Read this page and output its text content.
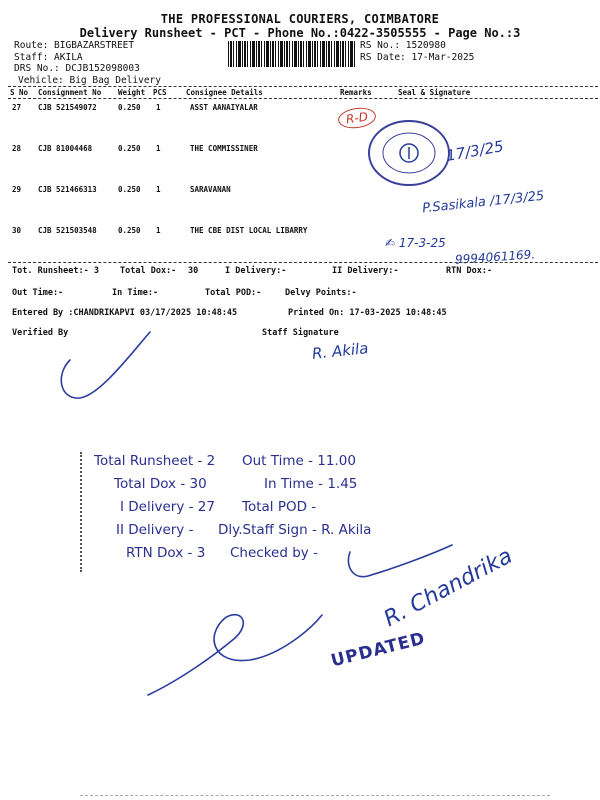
THE PROFESSIONAL COURIERS, COIMBATORE
Delivery Runsheet - PCT - Phone No.:0422-3505555 - Page No.:3
Route: BIGBAZARSTREET
Staff: AKILA
DRS No.: DCJB152098003
Vehicle: Big Bag Delivery
RS No.: 1520980
RS Date: 17-Mar-2025
S No Consignment No Weight PCS	Consignee Details	Remarks	Seal & Signature
27 CJB 521549072	0.250 1	ASST AANAIYALAR
28 CJB 81004468	0.250 1	THE COMMISSINER
29 CJB 521466313	0.250 1	SARAVANAN
30 CJB 521503548	0.250 1	THE CBE DIST LOCAL LIBARRY
R-D
17/3/25
P.Sasikala /17/3/25
✍ 17-3-25
9994061169.
Tot. Runsheet:- 3 Total Dox:- 30	I Delivery:-	II Delivery:-	RTN Dox:-
Out Time:-	In Time:-	Total POD:-	Delvy Points:-
Entered By :CHANDRIKAPVI 03/17/2025 10:48:45	Printed On: 17-03-2025 10:48:45
Verified By	Staff Signature
R. Akila
Total Runsheet - 2
Total Dox - 30
I Delivery - 27
II Delivery -
RTN Dox - 3
Out Time - 11.00
In Time - 1.45
Total POD -
Dly.Staff Sign - R. Akila
Checked by -
UPDATED
R. Chandrika
